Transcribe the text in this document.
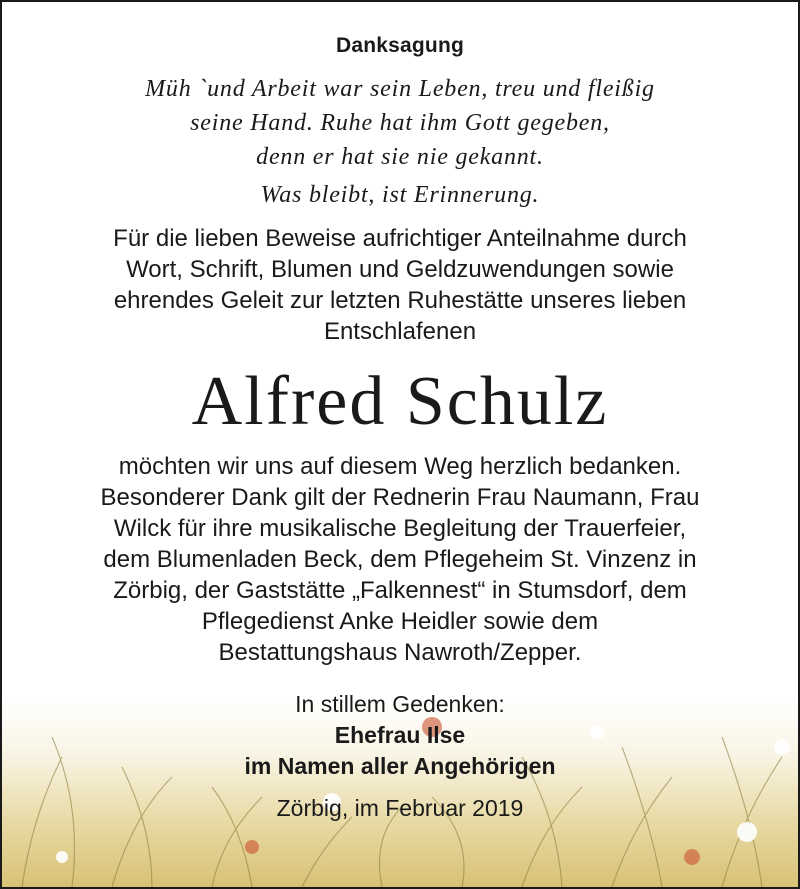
Danksagung
Müh `und Arbeit war sein Leben, treu und fleißig
seine Hand. Ruhe hat ihm Gott gegeben,
denn er hat sie nie gekannt.
Was bleibt, ist Erinnerung.
Für die lieben Beweise aufrichtiger Anteilnahme durch
Wort, Schrift, Blumen und Geldzuwendungen sowie
ehrendes Geleit zur letzten Ruhestätte unseres lieben
Entschlafenen
Alfred Schulz
möchten wir uns auf diesem Weg herzlich bedanken.
Besonderer Dank gilt der Rednerin Frau Naumann, Frau
Wilck für ihre musikalische Begleitung der Trauerfeier,
dem Blumenladen Beck, dem Pflegeheim St. Vinzenz in
Zörbig, der Gaststätte „Falkennest“ in Stumsdorf, dem
Pflegedienst Anke Heidler sowie dem
Bestattungshaus Nawroth/Zepper.
In stillem Gedenken:
Ehefrau Ilse
im Namen aller Angehörigen
Zörbig, im Februar 2019
